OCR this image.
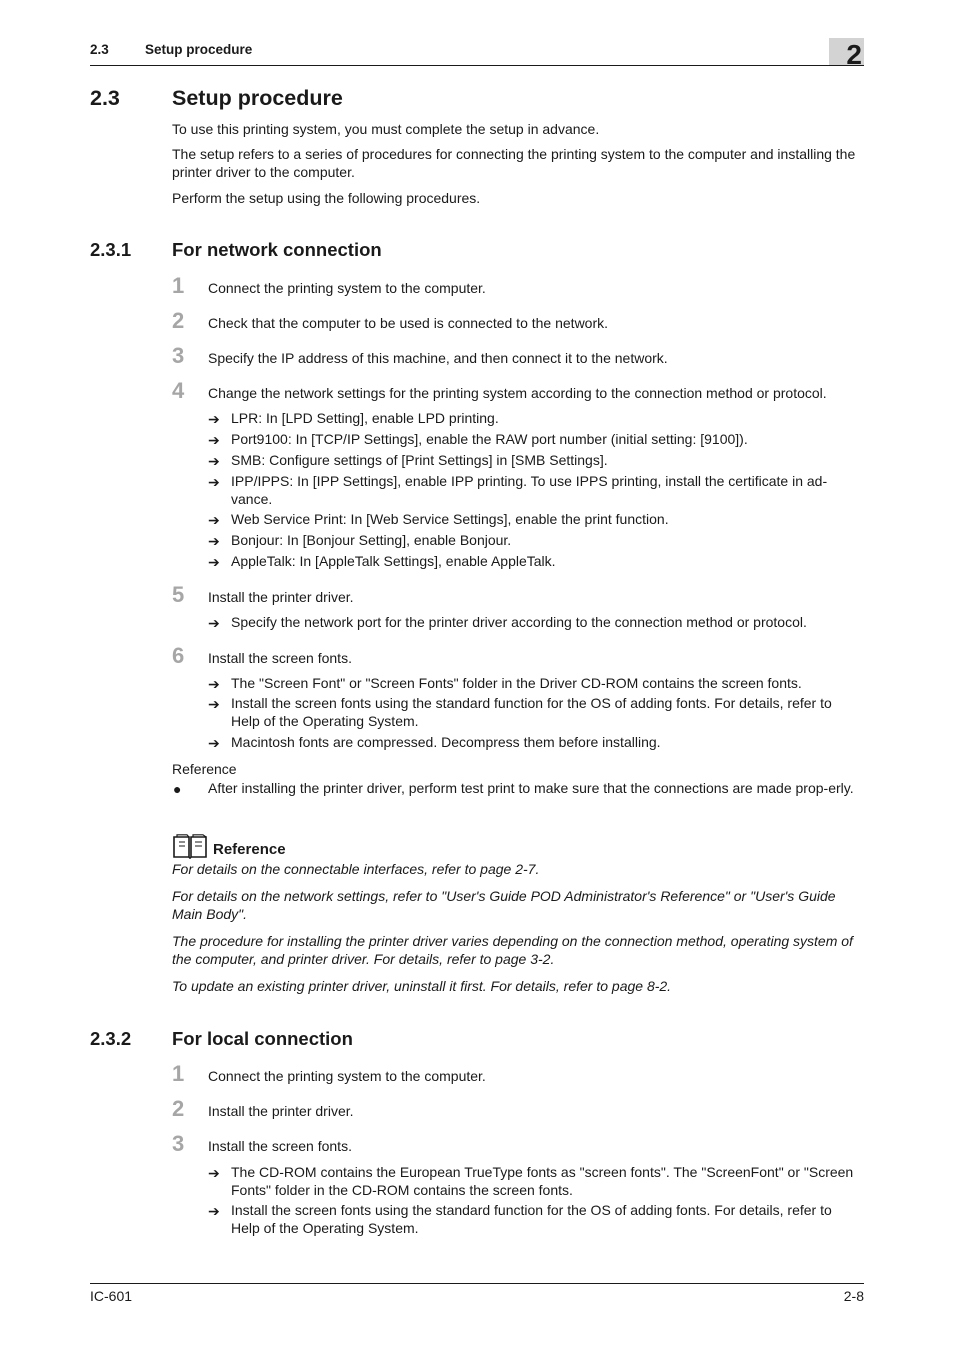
2.3	Setup procedure	2
2.3 Setup procedure
To use this printing system, you must complete the setup in advance.
The setup refers to a series of procedures for connecting the printing system to the computer and installing the printer driver to the computer.
Perform the setup using the following procedures.
2.3.1 For network connection
1 Connect the printing system to the computer.
2 Check that the computer to be used is connected to the network.
3 Specify the IP address of this machine, and then connect it to the network.
4 Change the network settings for the printing system according to the connection method or protocol.
➔ LPR: In [LPD Setting], enable LPD printing.
➔ Port9100: In [TCP/IP Settings], enable the RAW port number (initial setting: [9100]).
➔ SMB: Configure settings of [Print Settings] in [SMB Settings].
➔ IPP/IPPS: In [IPP Settings], enable IPP printing. To use IPPS printing, install the certificate in ad-vance.
➔ Web Service Print: In [Web Service Settings], enable the print function.
➔ Bonjour: In [Bonjour Setting], enable Bonjour.
➔ AppleTalk: In [AppleTalk Settings], enable AppleTalk.
5 Install the printer driver.
➔ Specify the network port for the printer driver according to the connection method or protocol.
6 Install the screen fonts.
➔ The "Screen Font" or "Screen Fonts" folder in the Driver CD-ROM contains the screen fonts.
➔ Install the screen fonts using the standard function for the OS of adding fonts. For details, refer to Help of the Operating System.
➔ Macintosh fonts are compressed. Decompress them before installing.
Reference
● After installing the printer driver, perform test print to make sure that the connections are made prop-erly.
Reference
For details on the connectable interfaces, refer to page 2-7.
For details on the network settings, refer to "User's Guide POD Administrator's Reference" or "User's Guide Main Body".
The procedure for installing the printer driver varies depending on the connection method, operating system of the computer, and printer driver. For details, refer to page 3-2.
To update an existing printer driver, uninstall it first. For details, refer to page 8-2.
2.3.2 For local connection
1 Connect the printing system to the computer.
2 Install the printer driver.
3 Install the screen fonts.
➔ The CD-ROM contains the European TrueType fonts as "screen fonts". The "ScreenFont" or "Screen Fonts" folder in the CD-ROM contains the screen fonts.
➔ Install the screen fonts using the standard function for the OS of adding fonts. For details, refer to Help of the Operating System.
IC-601	2-8
